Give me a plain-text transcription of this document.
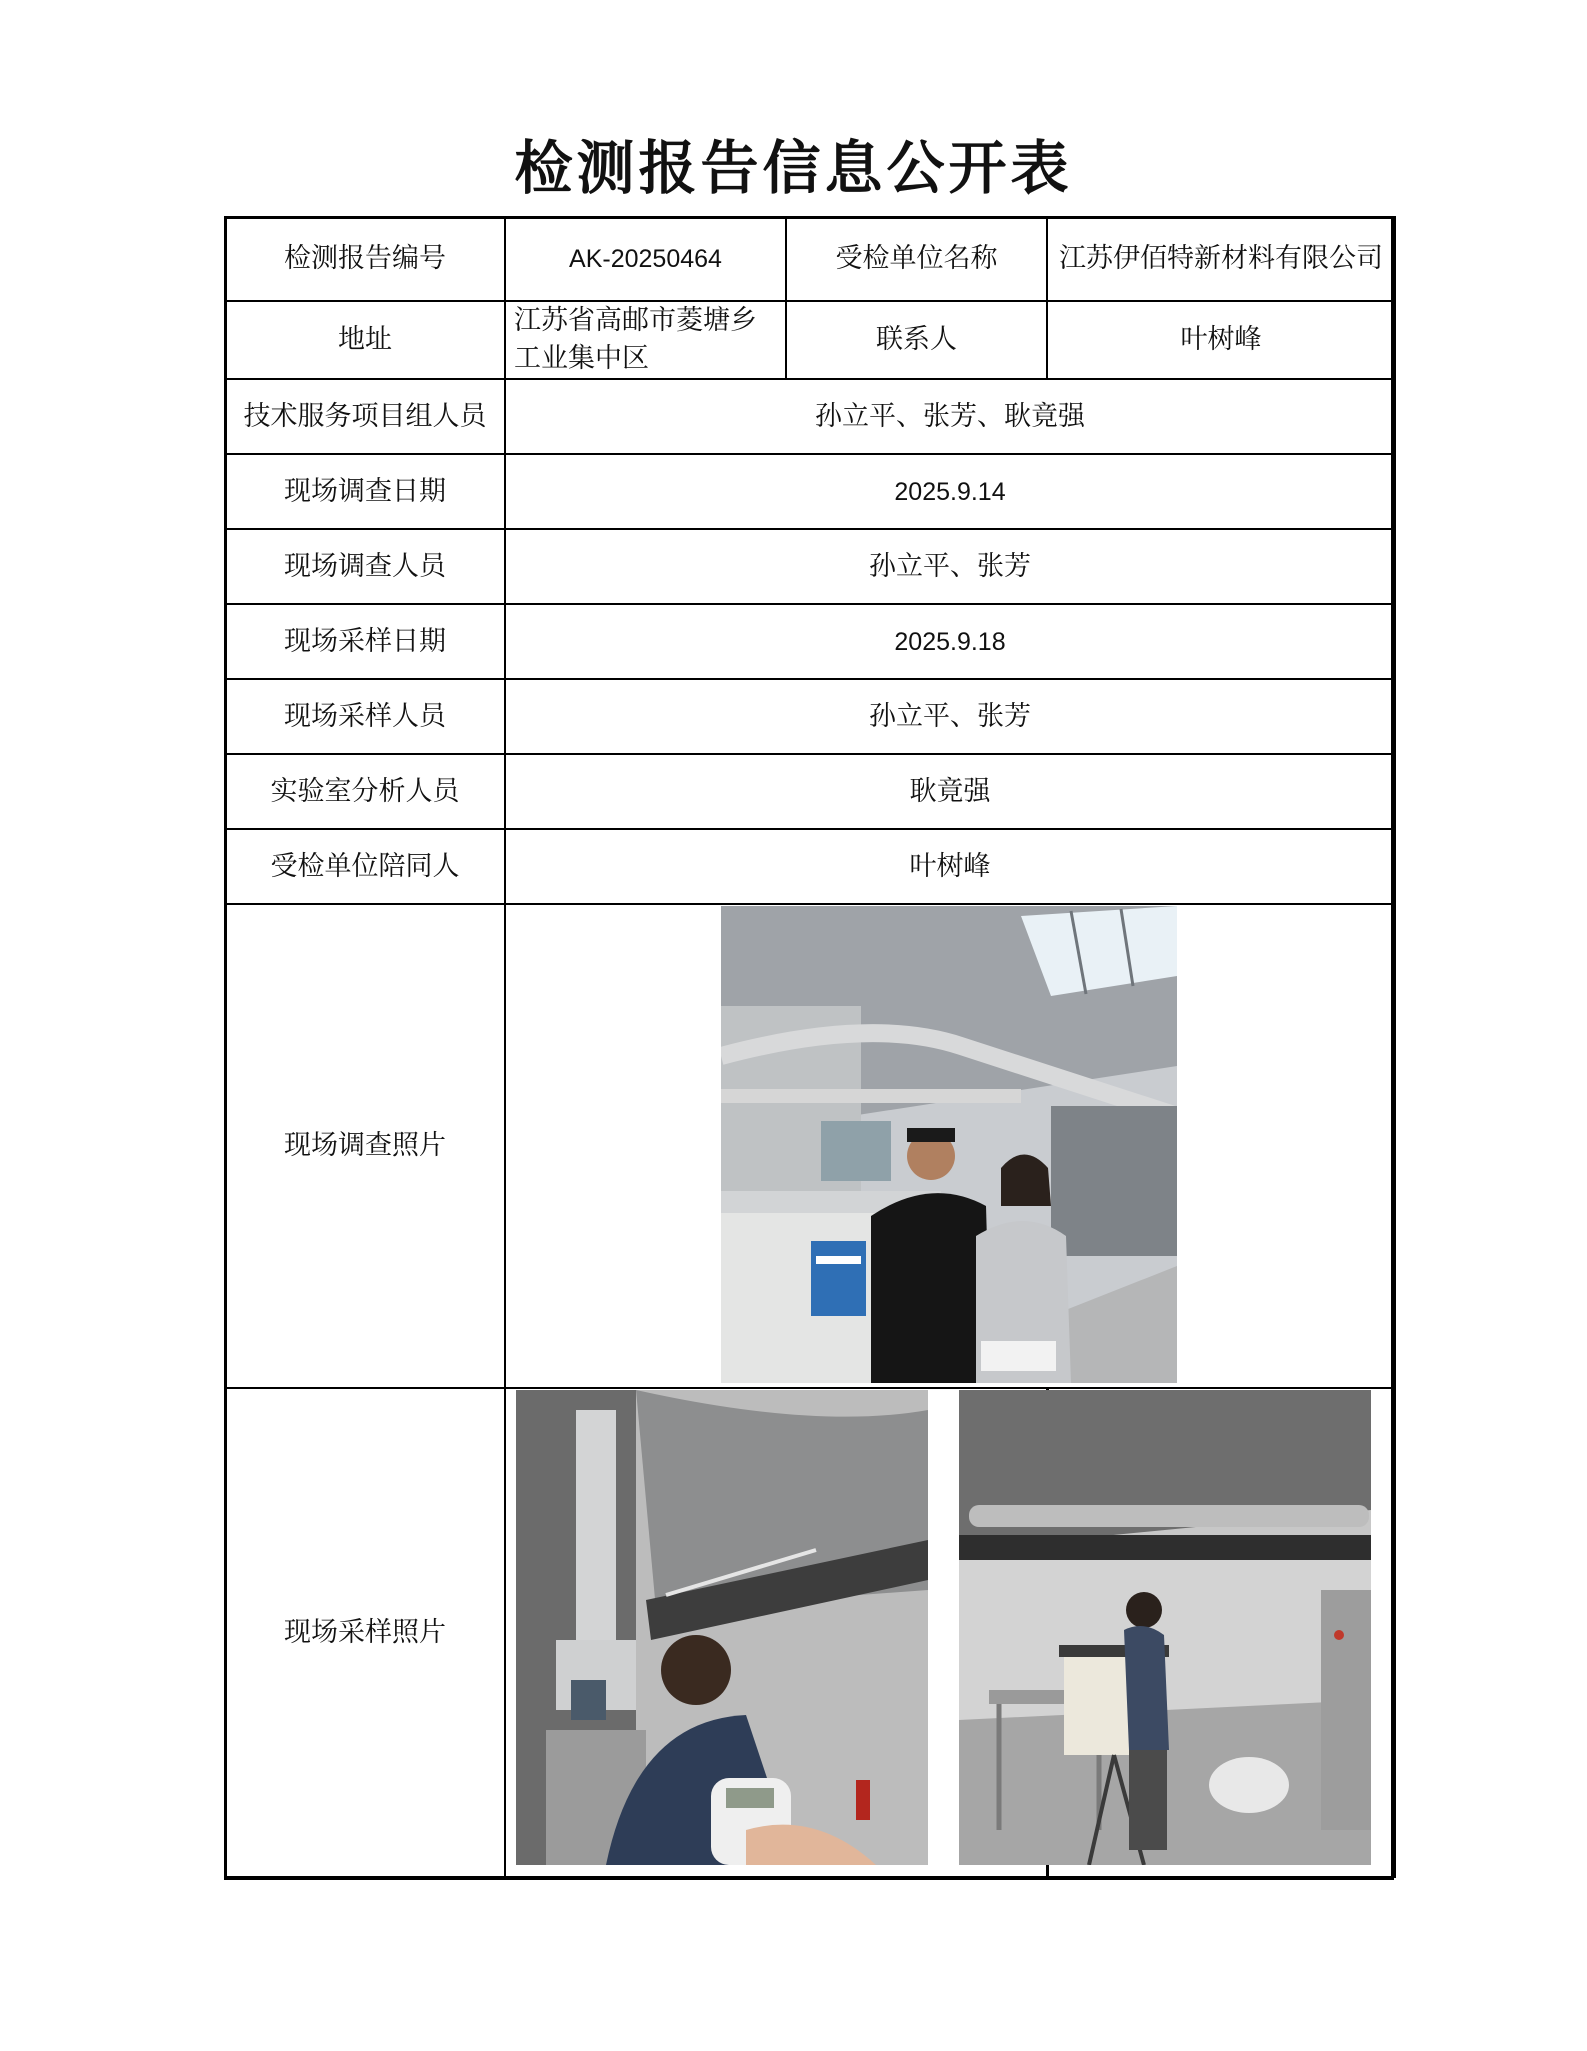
检测报告信息公开表
检测报告编号	AK-20250464	受检单位名称	江苏伊佰特新材料有限公司
地址	江苏省高邮市菱塘乡工业集中区	联系人	叶树峰
技术服务项目组人员	孙立平、张芳、耿竟强		
现场调查日期	2025.9.14		
现场调查人员	孙立平、张芳		
现场采样日期	2025.9.18		
现场采样人员	孙立平、张芳		
实验室分析人员	耿竟强		
受检单位陪同人	叶树峰		
现场调查照片			
现场采样照片			
